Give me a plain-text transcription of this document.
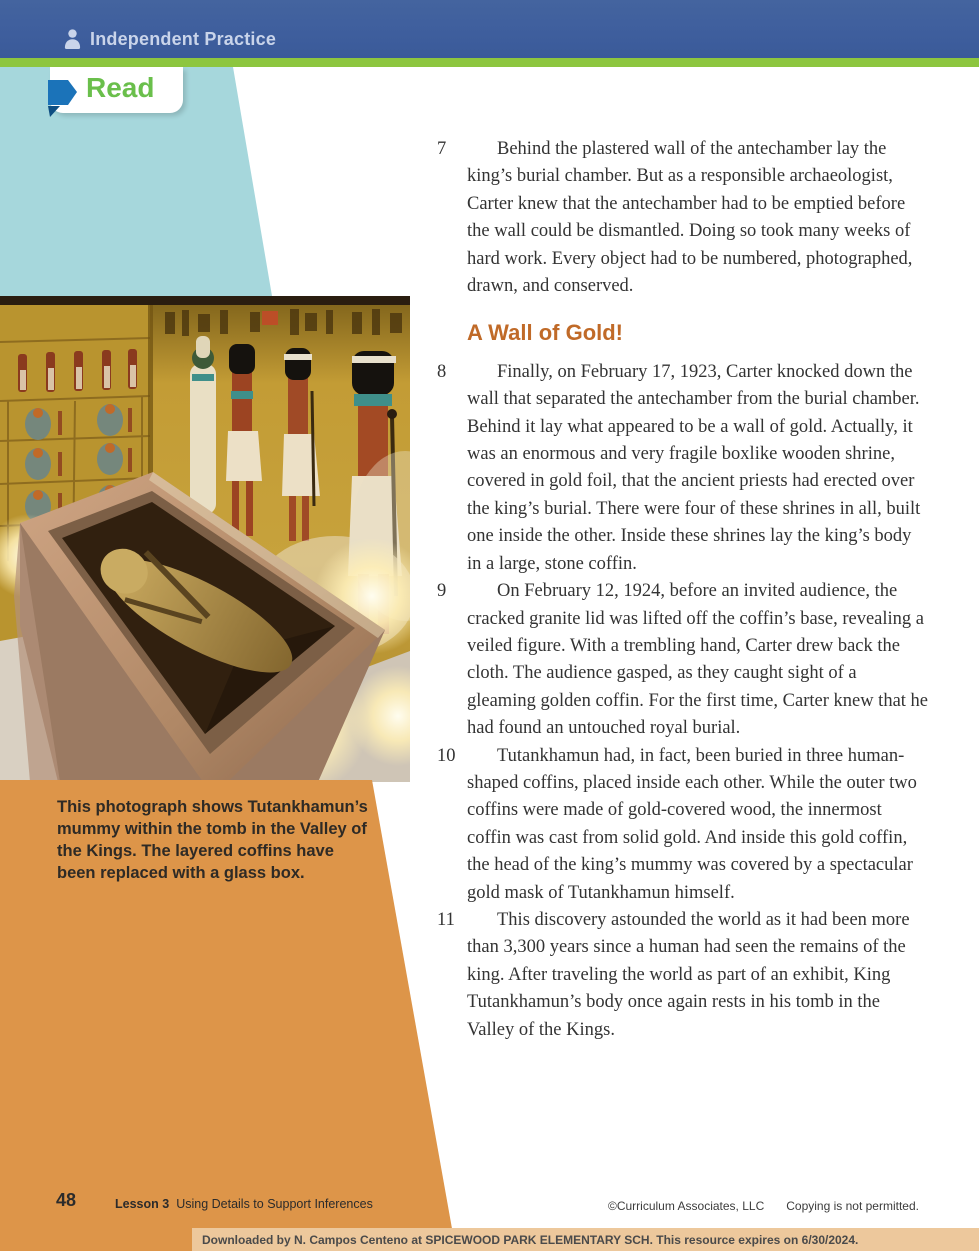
Independent Practice
Read
This photograph shows Tutankhamun’s mummy within the tomb in the Valley of the Kings. The layered coffins have been replaced with a glass box.

7	Behind the plastered wall of the antechamber lay the king’s burial chamber. But as a responsible archaeologist, Carter knew that the antechamber had to be emptied before the wall could be dismantled. Doing so took many weeks of hard work. Every object had to be numbered, photographed, drawn, and conserved.

A Wall of Gold!

8	Finally, on February 17, 1923, Carter knocked down the wall that separated the antechamber from the burial chamber. Behind it lay what appeared to be a wall of gold. Actually, it was an enormous and very fragile boxlike wooden shrine, covered in gold foil, that the ancient priests had erected over the king’s burial. There were four of these shrines in all, built one inside the other. Inside these shrines lay the king’s body in a large, stone coffin.

9	On February 12, 1924, before an invited audience, the cracked granite lid was lifted off the coffin’s base, revealing a veiled figure. With a trembling hand, Carter drew back the cloth. The audience gasped, as they caught sight of a gleaming golden coffin. For the first time, Carter knew that he had found an untouched royal burial.

10 Tutankhamun had, in fact, been buried in three human-shaped coffins, placed inside each other. While the outer two coffins were made of gold-covered wood, the innermost coffin was cast from solid gold. And inside this gold coffin, the head of the king’s mummy was covered by a spectacular gold mask of Tutankhamun himself.

11 This discovery astounded the world as it had been more than 3,300 years since a human had seen the remains of the king. After traveling the world as part of an exhibit, King Tutankhamun’s body once again rests in his tomb in the Valley of the Kings.

48	Lesson 3 Using Details to Support Inferences	©Curriculum Associates, LLC Copying is not permitted.
Downloaded by N. Campos Centeno at SPICEWOOD PARK ELEMENTARY SCH. This resource expires on 6/30/2024.
